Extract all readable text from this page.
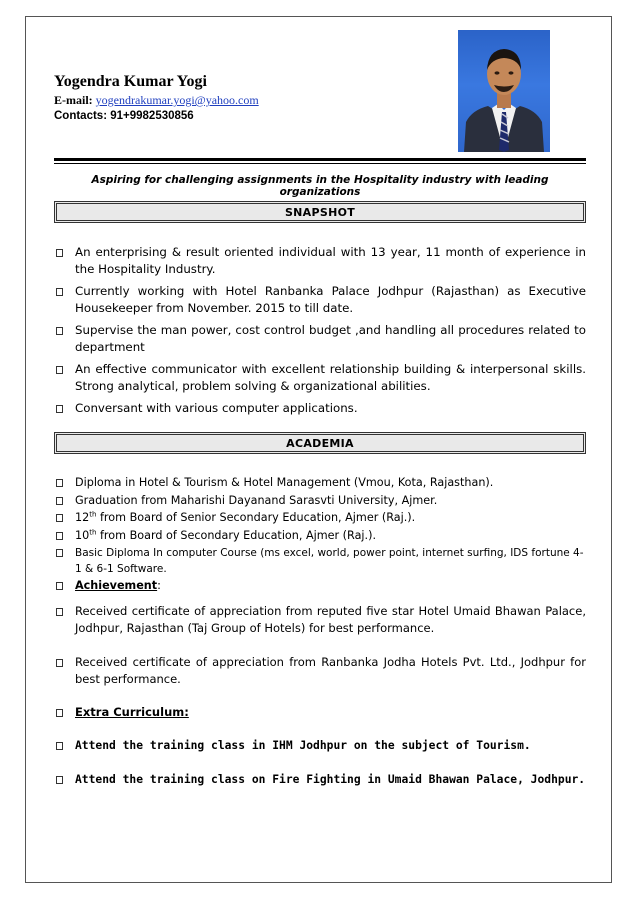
Yogendra Kumar Yogi
E-mail: yogendrakumar.yogi@yahoo.com
Contacts: 91+9982530856
Aspiring for challenging assignments in the Hospitality industry with leading organizations
SNAPSHOT
An enterprising & result oriented individual with 13 year, 11 month of experience in the Hospitality Industry.
Currently working with Hotel Ranbanka Palace Jodhpur (Rajasthan) as Executive Housekeeper from November. 2015 to till date.
Supervise the man power, cost control budget ,and handling all procedures related to department
An effective communicator with excellent relationship building & interpersonal skills. Strong analytical, problem solving & organizational abilities.
Conversant with various computer applications.
ACADEMIA
Diploma in Hotel & Tourism & Hotel Management (Vmou, Kota, Rajasthan).
Graduation from Maharishi Dayanand Sarasvti University, Ajmer.
12th from Board of Senior Secondary Education, Ajmer (Raj.).
10th from Board of Secondary Education, Ajmer (Raj.).
Basic Diploma In computer Course (ms excel, world, power point, internet surfing, IDS fortune 4-1 & 6-1 Software.
Achievement:
Received certificate of appreciation from reputed five star Hotel Umaid Bhawan Palace, Jodhpur, Rajasthan (Taj Group of Hotels) for best performance.
Received certificate of appreciation from Ranbanka Jodha Hotels Pvt. Ltd., Jodhpur for best performance.
Extra Curriculum:
Attend the training class in IHM Jodhpur on the subject of Tourism.
Attend the training class on Fire Fighting in Umaid Bhawan Palace, Jodhpur.
